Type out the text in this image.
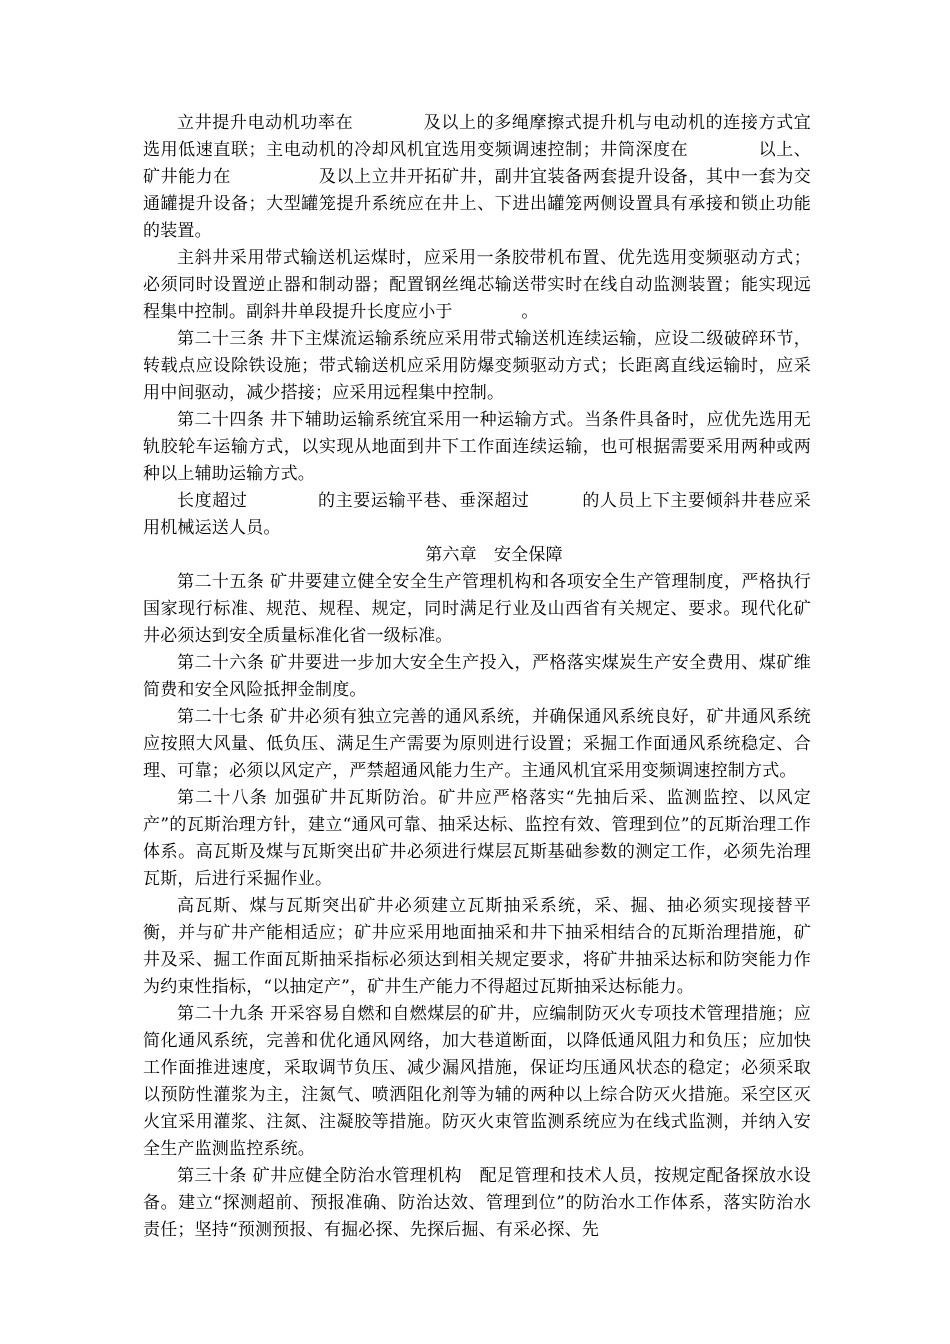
立井提升电动机功率在　　　　及以上的多绳摩擦式提升机与电动机的连接方式宜选用低速直联；主电动机的冷却风机宜选用变频调速控制；井筒深度在　　　　以上、矿井能力在　　　　　及以上立井开拓矿井，副井宜装备两套提升设备，其中一套为交通罐提升设备；大型罐笼提升系统应在井上、下进出罐笼两侧设置具有承接和锁止功能的装置。

主斜井采用带式输送机运煤时，应采用一条胶带机布置、优先选用变频驱动方式；必须同时设置逆止器和制动器；配置钢丝绳芯输送带实时在线自动监测装置；能实现远程集中控制。副斜井单段提升长度应小于　　　　。

第二十三条 井下主煤流运输系统应采用带式输送机连续运输，应设二级破碎环节，转载点应设除铁设施；带式输送机应采用防爆变频驱动方式；长距离直线运输时，应采用中间驱动，减少搭接；应采用远程集中控制。

第二十四条 井下辅助运输系统宜采用一种运输方式。当条件具备时，应优先选用无轨胶轮车运输方式，以实现从地面到井下工作面连续运输，也可根据需要采用两种或两种以上辅助运输方式。

长度超过　　　　的主要运输平巷、垂深超过　　　的人员上下主要倾斜井巷应采用机械运送人员。

第六章　安全保障

第二十五条 矿井要建立健全安全生产管理机构和各项安全生产管理制度，严格执行国家现行标准、规范、规程、规定，同时满足行业及山西省有关规定、要求。现代化矿井必须达到安全质量标准化省一级标准。

第二十六条 矿井要进一步加大安全生产投入，严格落实煤炭生产安全费用、煤矿维简费和安全风险抵押金制度。

第二十七条 矿井必须有独立完善的通风系统，并确保通风系统良好，矿井通风系统应按照大风量、低负压、满足生产需要为原则进行设置；采掘工作面通风系统稳定、合理、可靠；必须以风定产，严禁超通风能力生产。主通风机宜采用变频调速控制方式。

第二十八条 加强矿井瓦斯防治。矿井应严格落实“先抽后采、监测监控、以风定产”的瓦斯治理方针，建立“通风可靠、抽采达标、监控有效、管理到位”的瓦斯治理工作体系。高瓦斯及煤与瓦斯突出矿井必须进行煤层瓦斯基础参数的测定工作，必须先治理瓦斯，后进行采掘作业。

高瓦斯、煤与瓦斯突出矿井必须建立瓦斯抽采系统，采、掘、抽必须实现接替平衡，并与矿井产能相适应；矿井应采用地面抽采和井下抽采相结合的瓦斯治理措施，矿井及采、掘工作面瓦斯抽采指标必须达到相关规定要求，将矿井抽采达标和防突能力作为约束性指标，“以抽定产”，矿井生产能力不得超过瓦斯抽采达标能力。

第二十九条 开采容易自燃和自燃煤层的矿井，应编制防灭火专项技术管理措施；应简化通风系统，完善和优化通风网络，加大巷道断面，以降低通风阻力和负压；应加快工作面推进速度，采取调节负压、减少漏风措施，保证均压通风状态的稳定；必须采取以预防性灌浆为主，注氮气、喷洒阻化剂等为辅的两种以上综合防灭火措施。采空区灭火宜采用灌浆、注氮、注凝胶等措施。防灭火束管监测系统应为在线式监测，并纳入安全生产监测监控系统。

第三十条 矿井应健全防治水管理机构　配足管理和技术人员，按规定配备探放水设备。建立“探测超前、预报准确、防治达效、管理到位”的防治水工作体系，落实防治水责任；坚持“预测预报、有掘必探、先探后掘、有采必探、先
